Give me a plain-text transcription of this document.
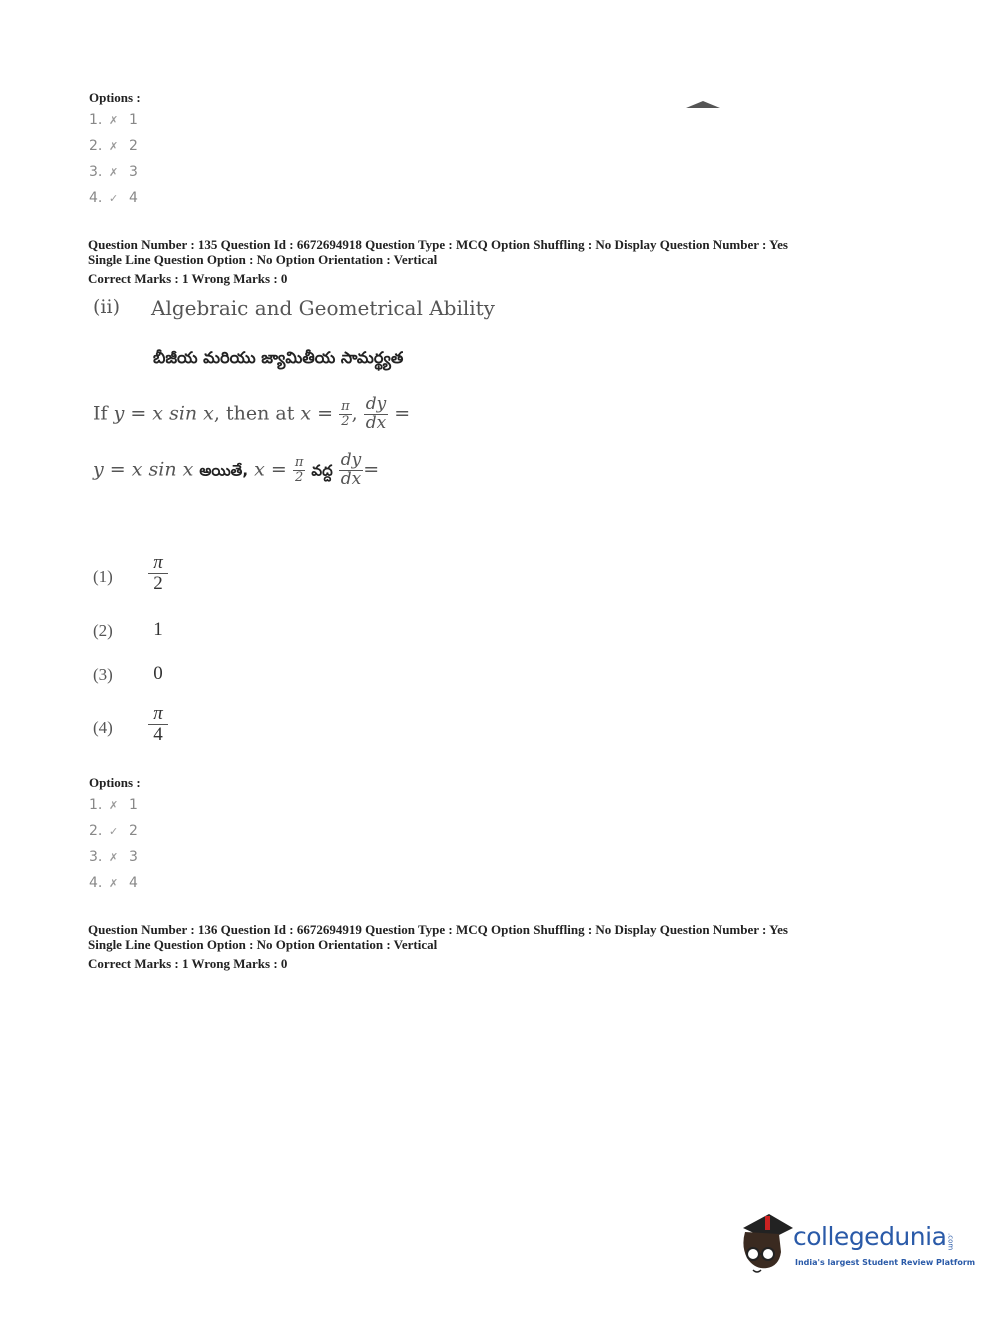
Options :
1. ✗ 1
2. ✗ 2
3. ✗ 3
4. ✓ 4
Question Number : 135 Question Id : 6672694918 Question Type : MCQ Option Shuffling : No Display Question Number : Yes
Single Line Question Option : No Option Orientation : Vertical
Correct Marks : 1 Wrong Marks : 0
(ii) Algebraic and Geometrical Ability
బీజీయ మరియు జ్యామితీయ సామర్థ్యత
If y = x sin x, then at $x = \frac{\pi}{2}$ , $\frac{dy}{dx}$ =
y = x sin x అయితే, $x = \frac{\pi}{2}$ వద్ద $\frac{dy}{dx}$ =
$(1) \frac{\pi}{2}$
(2) 1
(3) 0
$(4) \frac{\pi}{4}$
Options :
1. ✗ 1
2. ✓ 2
3. ✗ 3
4. ✗ 4
Question Number : 136 Question Id : 6672694919 Question Type : MCQ Option Shuffling : No Display Question Number : Yes
Single Line Question Option : No Option Orientation : Vertical
Correct Marks : 1 Wrong Marks : 0
collegedunia.com
India's largest Student Review Platform
